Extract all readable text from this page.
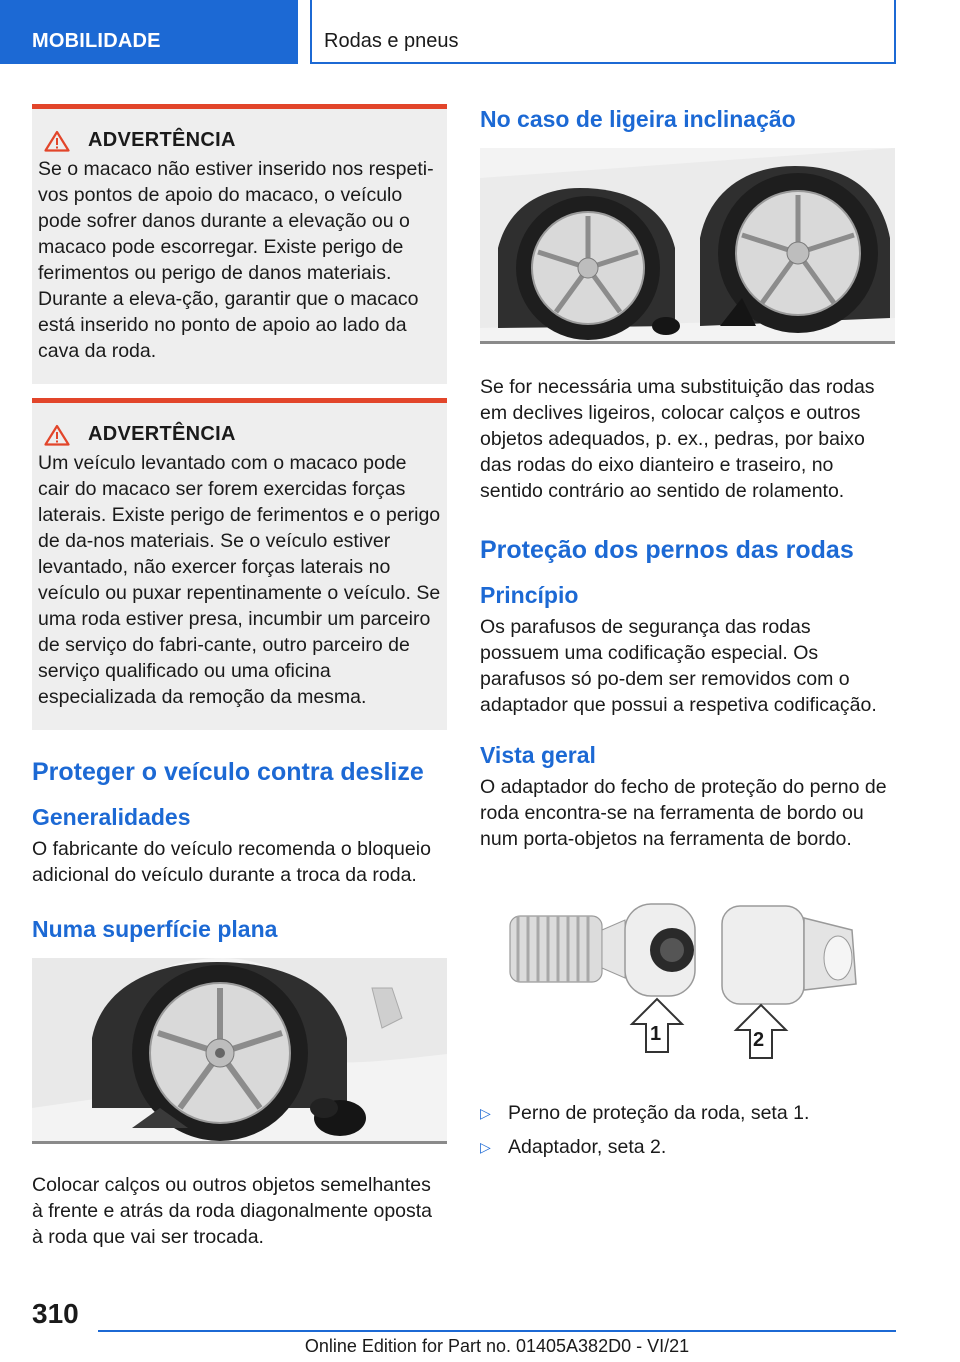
MOBILIDADE	Rodas e pneus
ADVERTÊNCIA

Se o macaco não estiver inserido nos respeti-vos pontos de apoio do macaco, o veículo pode sofrer danos durante a elevação ou o macaco pode escorregar. Existe perigo de ferimentos ou perigo de danos materiais. Durante a eleva-ção, garantir que o macaco está inserido no ponto de apoio ao lado da cava da roda.

ADVERTÊNCIA

Um veículo levantado com o macaco pode cair do macaco ser forem exercidas forças laterais. Existe perigo de ferimentos e o perigo de da-nos materiais. Se o veículo estiver levantado, não exercer forças laterais no veículo ou puxar repentinamente o veículo. Se uma roda estiver presa, incumbir um parceiro de serviço do fabri-cante, outro parceiro de serviço qualificado ou uma oficina especializada da remoção da mesma.

Proteger o veículo contra deslize
Generalidades

O fabricante do veículo recomenda o bloqueio adicional do veículo durante a troca da roda.

Numa superfície plana

Colocar calços ou outros objetos semelhantes à frente e atrás da roda diagonalmente oposta à roda que vai ser trocada.

No caso de ligeira inclinação

Se for necessária uma substituição das rodas em declives ligeiros, colocar calços e outros objetos adequados, p. ex., pedras, por baixo das rodas do eixo dianteiro e traseiro, no sentido contrário ao sentido de rolamento.

Proteção dos pernos das rodas
Princípio

Os parafusos de segurança das rodas possuem uma codificação especial. Os parafusos só po-dem ser removidos com o adaptador que possui a respetiva codificação.

Vista geral

O adaptador do fecho de proteção do perno de roda encontra-se na ferramenta de bordo ou num porta-objetos na ferramenta de bordo.

1	2
▷ Perno de proteção da roda, seta 1.
▷ Adaptador, seta 2.
310
Online Edition for Part no. 01405A382D0 - VI/21
